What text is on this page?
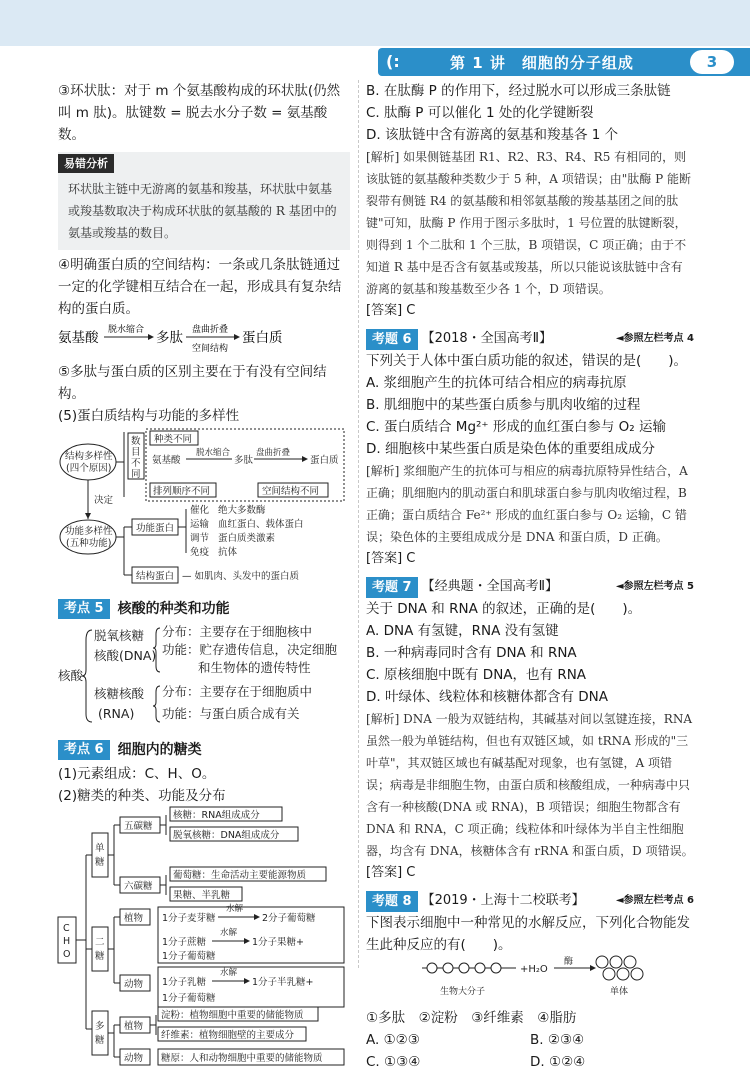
(:	第 1 讲　细胞的分子组成	3

③环状肽：对于 m 个氨基酸构成的环状肽(仍然叫 m 肽)。肽键数 = 脱去水分子数 = 氨基酸数。

易错分析

环状肽主链中无游离的氨基和羧基，环状肽中氨基或羧基数取决于构成环状肽的氨基酸的 R 基团中的氨基或羧基的数目。

④明确蛋白质的空间结构：一条或几条肽链通过一定的化学键相互结合在一起，形成具有复杂结构的蛋白质。

氨基酸 脱水缩合 多肽 盘曲折叠
空间结构
蛋白质

⑤多肽与蛋白质的区别主要在于有没有空间结构。

(5)蛋白质结构与功能的多样性

结构多样性
(四个原因)
数
目
不
同
种类不同
氨基酸
脱水缩合
多肽
盘曲折叠
蛋白质
排列顺序不同	空间结构不同
决定
功能多样性
(五种功能)
功能蛋白
催化 绝大多数酶
运输 血红蛋白、载体蛋白
调节 蛋白质类激素
免疫 抗体
结构蛋白 — 如肌肉、头发中的蛋白质
考点 5	核酸的种类和功能
核酸
脱氧核糖
核酸(DNA)
分布：主要存在于细胞核中
功能：贮存遗传信息，决定细胞
和生物体的遗传特性
核糖核酸
(RNA)
分布：主要存在于细胞质中
功能：与蛋白质合成有关
考点 6	细胞内的糖类

(1)元素组成：C、H、O。

(2)糖类的种类、功能及分布

C
H
O
单
糖
五碳糖
核糖：RNA组成成分
脱氧核糖：DNA组成成分
六碳糖
葡萄糖：生命活动主要能源物质
果糖、半乳糖
二
糖
植物 1分子麦芽糖
水解
2分子葡萄糖
1分子蔗糖
水解
1分子果糖+
1分子葡萄糖
动物 1分子乳糖
水解
1分子半乳糖+
1分子葡萄糖
多
糖
植物
淀粉：植物细胞中重要的储能物质
纤维素：植物细胞壁的主要成分
动物 糖原：人和动物细胞中重要的储能物质

B. 在肽酶 P 的作用下，经过脱水可以形成三条肽链

C. 肽酶 P 可以催化 1 处的化学键断裂

D. 该肽链中含有游离的氨基和羧基各 1 个

[解析] 如果侧链基团 R1、R2、R3、R4、R5 有相同的，则该肽链的氨基酸种类数少于 5 种，A 项错误；由"肽酶 P 能断裂带有侧链 R4 的氨基酸和相邻氨基酸的羧基基团之间的肽键"可知，肽酶 P 作用于图示多肽时，1 号位置的肽键断裂，则得到 1 个二肽和 1 个三肽，B 项错误，C 项正确；由于不知道 R 基中是否含有氨基或羧基，所以只能说该肽链中含有游离的氨基和羧基数至少各 1 个，D 项错误。

[答案] C

考题 6 【2018・全国高考Ⅱ】	◄参照左栏考点 4

下列关于人体中蛋白质功能的叙述，错误的是(　　)。

A. 浆细胞产生的抗体可结合相应的病毒抗原

B. 肌细胞中的某些蛋白质参与肌肉收缩的过程

C. 蛋白质结合 Mg²⁺ 形成的血红蛋白参与 O₂ 运输

D. 细胞核中某些蛋白质是染色体的重要组成成分

[解析] 浆细胞产生的抗体可与相应的病毒抗原特异性结合，A 正确；肌细胞内的肌动蛋白和肌球蛋白参与肌肉收缩过程，B 正确；蛋白质结合 Fe²⁺ 形成的血红蛋白参与 O₂ 运输，C 错误；染色体的主要组成成分是 DNA 和蛋白质，D 正确。

[答案] C

考题 7 【经典题・全国高考Ⅱ】	◄参照左栏考点 5

关于 DNA 和 RNA 的叙述，正确的是(　　)。

A. DNA 有氢键，RNA 没有氢键

B. 一种病毒同时含有 DNA 和 RNA

C. 原核细胞中既有 DNA，也有 RNA

D. 叶绿体、线粒体和核糖体都含有 DNA

[解析] DNA 一般为双链结构，其碱基对间以氢键连接，RNA 虽然一般为单链结构，但也有双链区域，如 tRNA 形成的"三叶草"，其双链区域也有碱基配对现象，也有氢键，A 项错误；病毒是非细胞生物，由蛋白质和核酸组成，一种病毒中只含有一种核酸(DNA 或 RNA)，B 项错误；细胞生物都含有 DNA 和 RNA，C 项正确；线粒体和叶绿体为半自主性细胞器，均含有 DNA，核糖体含有 rRNA 和蛋白质，D 项错误。

[答案] C

考题 8 【2019・上海十二校联考】	◄参照左栏考点 6

下图表示细胞中一种常见的水解反应，下列化合物能发生此种反应的有(　　)。

+H₂O
酶
生物大分子	单体

①多肽　②淀粉　③纤维素　④脂肪

A. ①②③	B. ②③④
C. ①③④	D. ①②④
